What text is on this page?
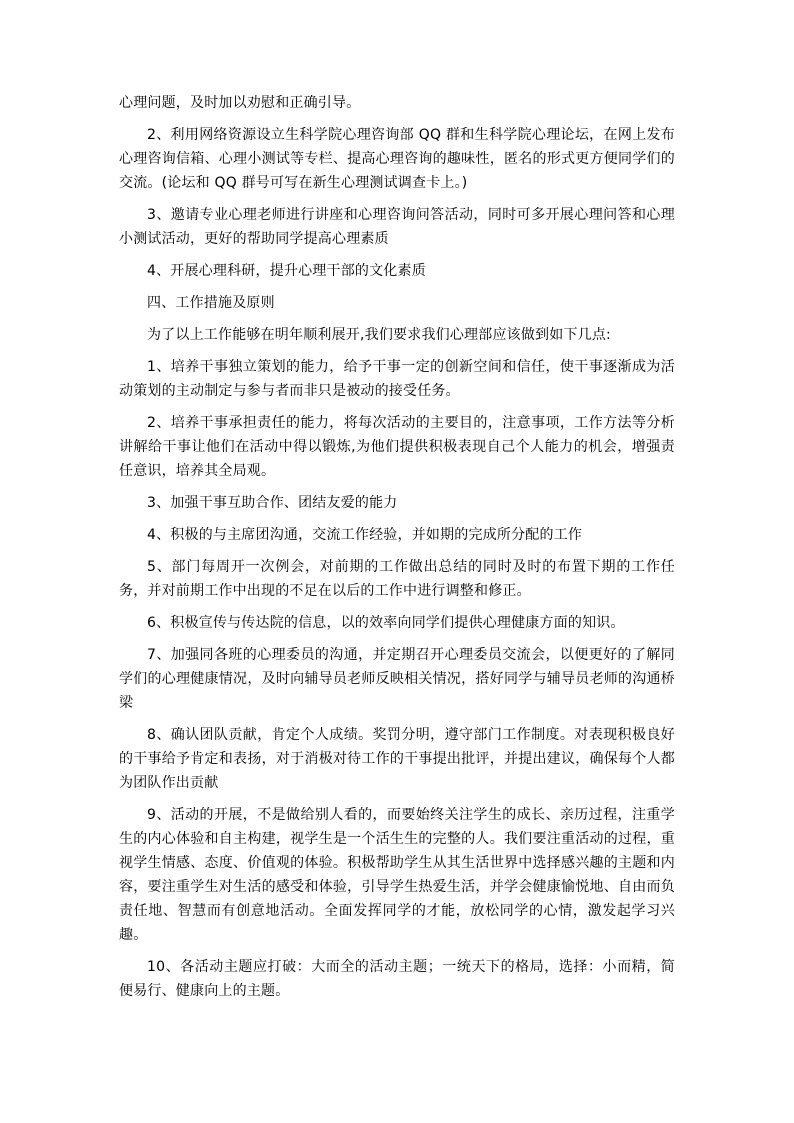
心理问题，及时加以劝慰和正确引导。

2、利用网络资源设立生科学院心理咨询部 QQ 群和生科学院心理论坛，在网上发布心理咨询信箱、心理小测试等专栏、提高心理咨询的趣味性，匿名的形式更方便同学们的交流。(论坛和 QQ 群号可写在新生心理测试调查卡上。)

3、邀请专业心理老师进行讲座和心理咨询问答活动，同时可多开展心理问答和心理小测试活动，更好的帮助同学提高心理素质

4、开展心理科研，提升心理干部的文化素质

四、工作措施及原则

为了以上工作能够在明年顺利展开,我们要求我们心理部应该做到如下几点:

1、培养干事独立策划的能力，给予干事一定的创新空间和信任，使干事逐渐成为活动策划的主动制定与参与者而非只是被动的接受任务。

2、培养干事承担责任的能力，将每次活动的主要目的，注意事项，工作方法等分析讲解给干事让他们在活动中得以锻炼,为他们提供积极表现自己个人能力的机会，增强责任意识，培养其全局观。

3、加强干事互助合作、团结友爱的能力

4、积极的与主席团沟通，交流工作经验，并如期的完成所分配的工作

5、部门每周开一次例会，对前期的工作做出总结的同时及时的布置下期的工作任务，并对前期工作中出现的不足在以后的工作中进行调整和修正。

6、积极宣传与传达院的信息，以的效率向同学们提供心理健康方面的知识。

7、加强同各班的心理委员的沟通，并定期召开心理委员交流会，以便更好的了解同学们的心理健康情况，及时向辅导员老师反映相关情况，搭好同学与辅导员老师的沟通桥梁

8、确认团队贡献，肯定个人成绩。奖罚分明，遵守部门工作制度。对表现积极良好的干事给予肯定和表扬，对于消极对待工作的干事提出批评，并提出建议，确保每个人都为团队作出贡献

9、活动的开展，不是做给别人看的，而要始终关注学生的成长、亲历过程，注重学生的内心体验和自主构建，视学生是一个活生生的完整的人。我们要注重活动的过程，重视学生情感、态度、价值观的体验。积极帮助学生从其生活世界中选择感兴趣的主题和内容，要注重学生对生活的感受和体验，引导学生热爱生活，并学会健康愉悦地、自由而负责任地、智慧而有创意地活动。全面发挥同学的才能，放松同学的心情，激发起学习兴趣。

10、各活动主题应打破：大而全的活动主题；一统天下的格局，选择：小而精，简便易行、健康向上的主题。
